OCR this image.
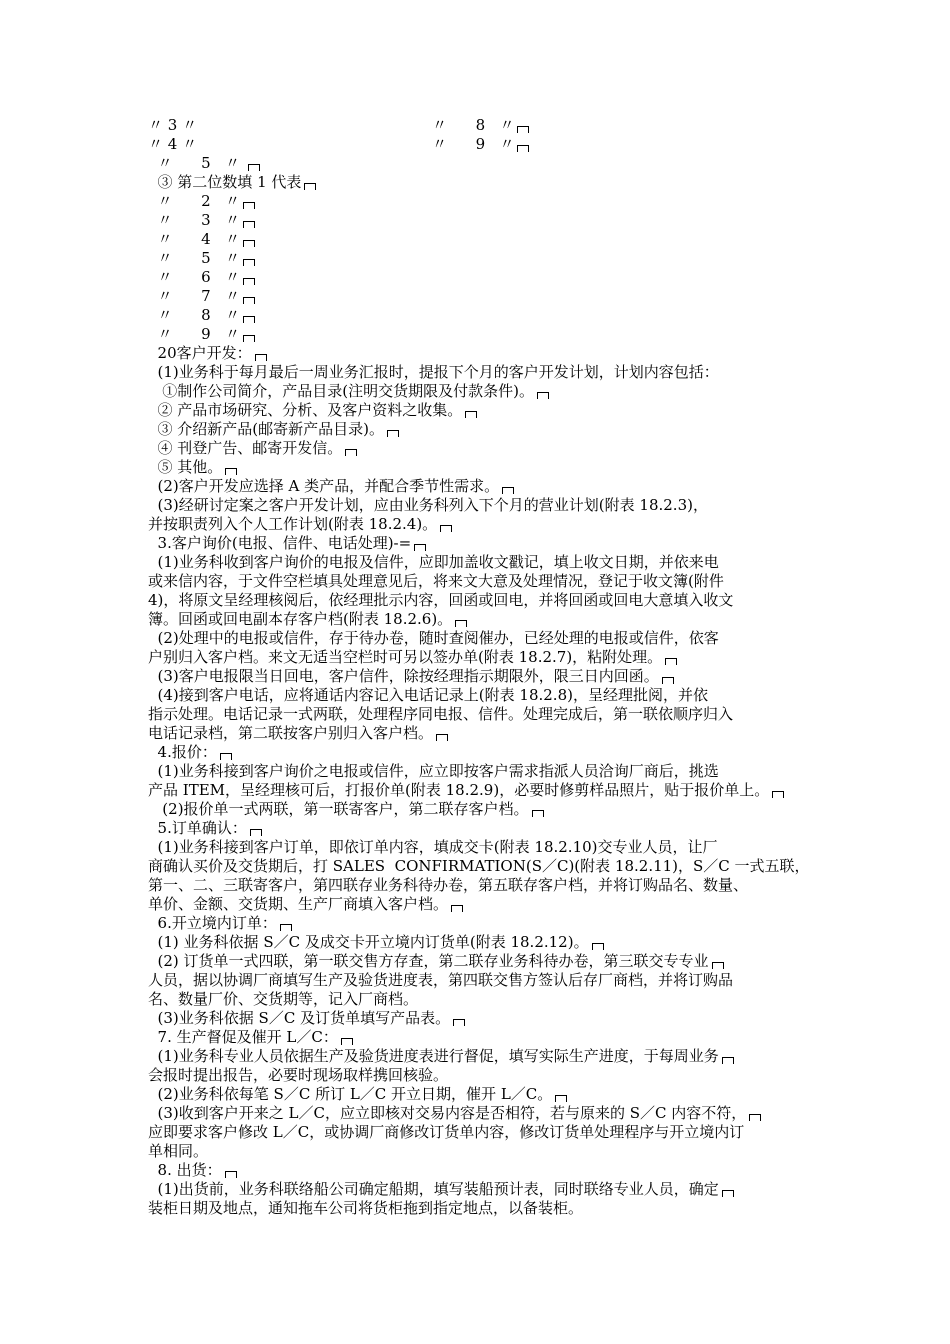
〃 3 〃	〃      8   〃
〃 4 〃	〃      9   〃
〃      5   〃
③ 第二位数填 1 代表
〃      2   〃
〃      3   〃
〃      4   〃
〃      5   〃
〃      6   〃
〃      7   〃
〃      8   〃
〃      9   〃
20客户开发：
(1)业务科于每月最后一周业务汇报时，提报下个月的客户开发计划，计划内容包括：
①制作公司简介，产品目录(注明交货期限及付款条件)。
② 产品市场研究、分析、及客户资料之收集。
③ 介绍新产品(邮寄新产品目录)。
④ 刊登广告、邮寄开发信。
⑤ 其他。
(2)客户开发应选择 A 类产品，并配合季节性需求。
(3)经研讨定案之客户开发计划，应由业务科列入下个月的营业计划(附表 18.2.3)，
并按职责列入个人工作计划(附表 18.2.4)。
3.客户询价(电报、信件、电话处理)-=
(1)业务科收到客户询价的电报及信件，应即加盖收文戳记，填上收文日期，并依来电
或来信内容，于文件空栏填具处理意见后，将来文大意及处理情况，登记于收文簿(附件
4)，将原文呈经理核阅后，依经理批示内容，回函或回电，并将回函或回电大意填入收文
簿。回函或回电副本存客户档(附表 18.2.6)。
(2)处理中的电报或信件，存于待办卷，随时查阅催办，已经处理的电报或信件，依客
户别归入客户档。来文无适当空栏时可另以签办单(附表 18.2.7)，粘附处理。
(3)客户电报限当日回电，客户信件，除按经理指示期限外，限三日内回函。
(4)接到客户电话，应将通话内容记入电话记录上(附表 18.2.8)，呈经理批阅，并依
指示处理。电话记录一式两联，处理程序同电报、信件。处理完成后，第一联依顺序归入
电话记录档，第二联按客户别归入客户档。
4.报价：
(1)业务科接到客户询价之电报或信件，应立即按客户需求指派人员洽询厂商后，挑选
产品 ITEM，呈经理核可后，打报价单(附表 18.2.9)，必要时修剪样品照片，贴于报价单上。
(2)报价单一式两联，第一联寄客户，第二联存客户档。
5.订单确认：
(1)业务科接到客户订单，即依订单内容，填成交卡(附表 18.2.10)交专业人员，让厂
商确认买价及交货期后，打 SALES  CONFIRMATION(S／C)(附表 18.2.11)，S／C 一式五联，
第一、二、三联寄客户，第四联存业务科待办卷，第五联存客户档，并将订购品名、数量、
单价、金额、交货期、生产厂商填入客户档。
6.开立境内订单：
(1) 业务科依据 S／C 及成交卡开立境内订货单(附表 18.2.12)。
(2) 订货单一式四联，第一联交售方存查，第二联存业务科待办卷，第三联交专专业
人员，据以协调厂商填写生产及验货进度表，第四联交售方签认后存厂商档，并将订购品
名、数量厂价、交货期等，记入厂商档。
(3)业务科依据 S／C 及订货单填写产品表。
7. 生产督促及催开 L／C：
(1)业务科专业人员依据生产及验货进度表进行督促，填写实际生产进度，于每周业务
会报时提出报告，必要时现场取样携回核验。
(2)业务科依每笔 S／C 所订 L／C 开立日期，催开 L／C。
(3)收到客户开来之 L／C，应立即核对交易内容是否相符，若与原来的 S／C 内容不符，
应即要求客户修改 L／C，或协调厂商修改订货单内容，修改订货单处理程序与开立境内订
单相同。
8. 出货：
(1)出货前，业务科联络船公司确定船期，填写装船预计表，同时联络专业人员，确定
装柜日期及地点，通知拖车公司将货柜拖到指定地点，以备装柜。
